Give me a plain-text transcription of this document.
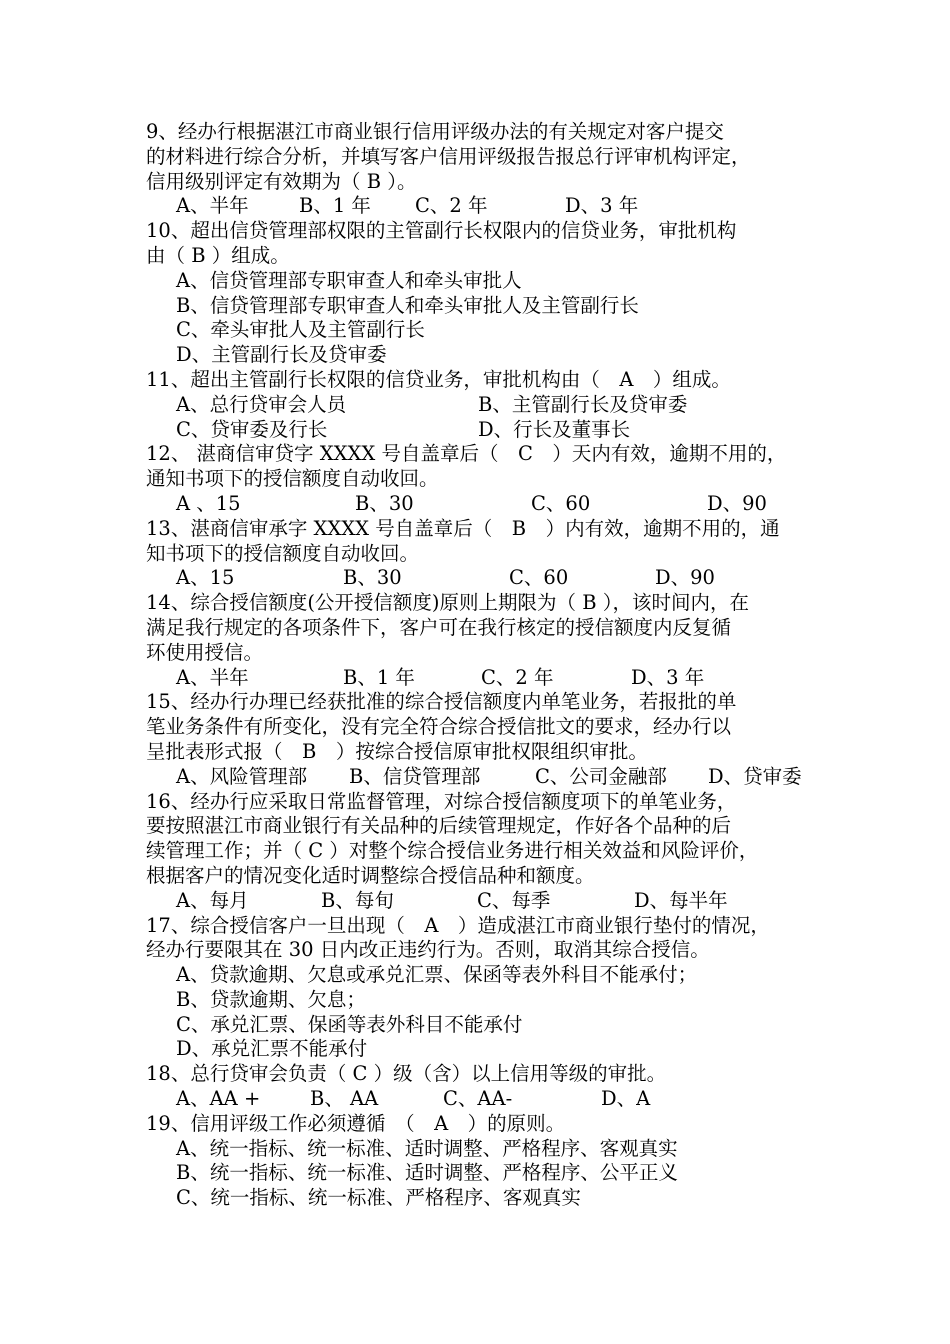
9、经办行根据湛江市商业银行信用评级办法的有关规定对客户提交
的材料进行综合分析，并填写客户信用评级报告报总行评审机构评定，
信用级别评定有效期为（ B ）。
A、半年	B、1 年	C、2 年	D、3 年
10、超出信贷管理部权限的主管副行长权限内的信贷业务，审批机构
由（ B ）组成。
A、信贷管理部专职审查人和牵头审批人
B、信贷管理部专职审查人和牵头审批人及主管副行长
C、牵头审批人及主管副行长
D、主管副行长及贷审委
11、超出主管副行长权限的信贷业务，审批机构由（　A　）组成。
A、总行贷审会人员	B、主管副行长及贷审委
C、贷审委及行长	D、行长及董事长
12、 湛商信审贷字 XXXX 号自盖章后（　C　）天内有效，逾期不用的，
通知书项下的授信额度自动收回。
A 、15	B、30	C、60	D、90
13、湛商信审承字 XXXX 号自盖章后（　B　）内有效，逾期不用的，通
知书项下的授信额度自动收回。
A、15	B、30	C、60	D、90
14、综合授信额度(公开授信额度)原则上期限为（ B ），该时间内，在
满足我行规定的各项条件下，客户可在我行核定的授信额度内反复循
环使用授信。
A、半年	B、1 年	C、2 年	D、3 年
15、经办行办理已经获批准的综合授信额度内单笔业务，若报批的单
笔业务条件有所变化，没有完全符合综合授信批文的要求，经办行以
呈批表形式报（　B　）按综合授信原审批权限组织审批。
A、风险管理部	B、信贷管理部	C、公司金融部	D、贷审委
16、经办行应采取日常监督管理，对综合授信额度项下的单笔业务，
要按照湛江市商业银行有关品种的后续管理规定，作好各个品种的后
续管理工作；并（ C ）对整个综合授信业务进行相关效益和风险评价，
根据客户的情况变化适时调整综合授信品种和额度。
A、每月	B、每旬	C、每季	D、每半年
17、综合授信客户一旦出现（　A　）造成湛江市商业银行垫付的情况，
经办行要限其在 30 日内改正违约行为。否则，取消其综合授信。
A、贷款逾期、欠息或承兑汇票、保函等表外科目不能承付；
B、贷款逾期、欠息；
C、承兑汇票、保函等表外科目不能承付
D、承兑汇票不能承付
18、总行贷审会负责（ C ）级（含）以上信用等级的审批。
A、AA +	B、 AA	C、AA-	D、A
19、信用评级工作必须遵循　（　A　）的原则。
A、统一指标、统一标准、适时调整、严格程序、客观真实
B、统一指标、统一标准、适时调整、严格程序、公平正义
C、统一指标、统一标准、严格程序、客观真实
